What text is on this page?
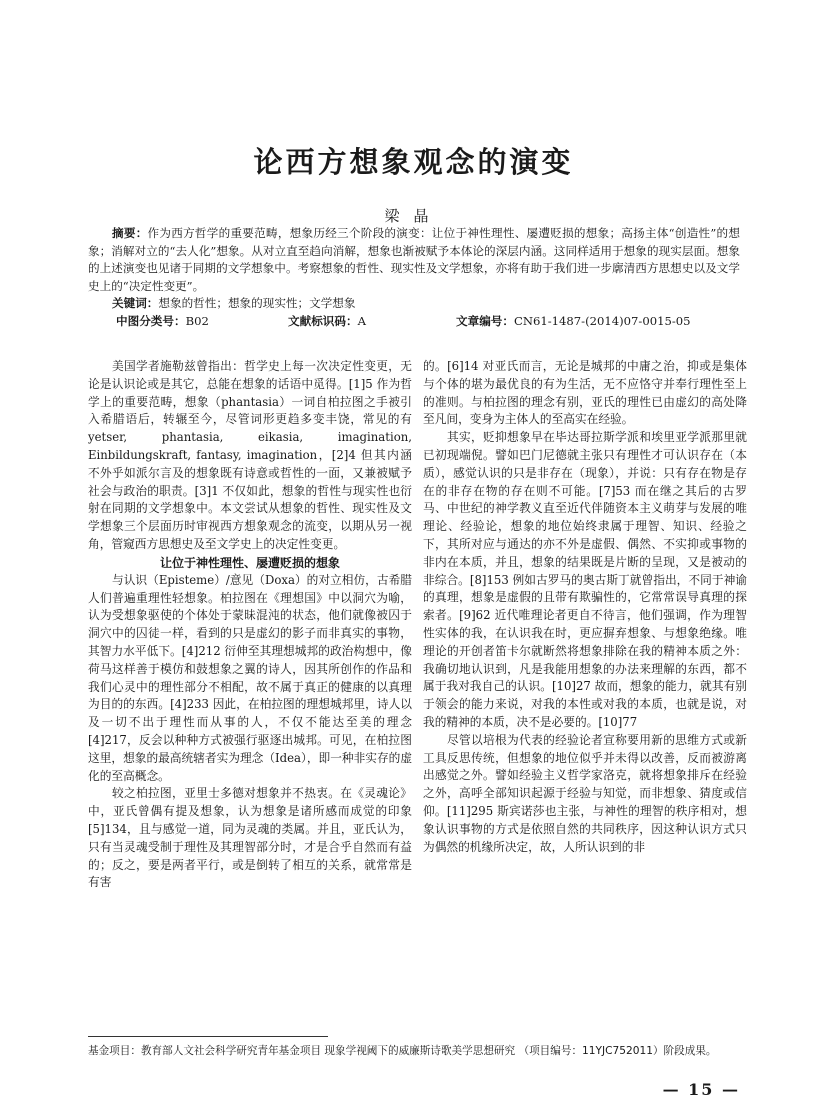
论西方想象观念的演变
梁晶

摘要：作为西方哲学的重要范畴，想象历经三个阶段的演变：让位于神性理性、屡遭贬损的想象；高扬主体“创造性”的想象；消解对立的“去人化”想象。从对立直至趋向消解，想象也渐被赋予本体论的深层内涵。这同样适用于想象的现实层面。想象的上述演变也见诸于同期的文学想象中。考察想象的哲性、现实性及文学想象，亦将有助于我们进一步廓清西方思想史以及文学史上的“决定性变更”。

关键词：想象的哲性；想象的现实性；文学想象

中图分类号：B02	文献标识码：A	文章编号：CN61-1487-(2014)07-0015-05

美国学者施勒兹曾指出：哲学史上每一次决定性变更，无论是认识论或是其它，总能在想象的话语中觅得。[1]5 作为哲学上的重要范畴，想象（phantasia）一词自柏拉图之手被引入希腊语后，转辗至今，尽管词形更趋多变丰饶，常见的有 yetser, phantasia, eikasia, imagination, Einbildungskraft, fantasy, imagination，[2]4 但其内涵不外乎如派尔言及的想象既有诗意或哲性的一面，又兼被赋予社会与政治的职责。[3]1 不仅如此，想象的哲性与现实性也衍射在同期的文学想象中。本文尝试从想象的哲性、现实性及文学想象三个层面历时审视西方想象观念的流变，以期从另一视角，管窥西方思想史及至文学史上的决定性变更。

让位于神性理性、屡遭贬损的想象

与认识（Episteme）/意见（Doxa）的对立相仿，古希腊人们普遍重理性轻想象。柏拉图在《理想国》中以洞穴为喻，认为受想象驱使的个体处于蒙昧混沌的状态，他们就像被囚于洞穴中的囚徒一样，看到的只是虚幻的影子而非真实的事物，其智力水平低下。[4]212 衍伸至其理想城邦的政治构想中，像荷马这样善于模仿和鼓想象之翼的诗人，因其所创作的作品和我们心灵中的理性部分不相配，故不属于真正的健康的以真理为目的的东西。[4]233 因此，在柏拉图的理想城邦里，诗人以及一切不出于理性而从事的人，不仅不能达至美的理念[4]217，反会以种种方式被强行驱逐出城邦。可见，在柏拉图这里，想象的最高统辖者实为理念（Idea），即一种非实存的虚化的至高概念。

较之柏拉图，亚里士多德对想象并不热衷。在《灵魂论》中，亚氏曾偶有提及想象，认为想象是诸所感而成觉的印象[5]134，且与感觉一道，同为灵魂的类属。并且，亚氏认为，只有当灵魂受制于理性及其理智部分时，才是合乎自然而有益的；反之，要是两者平行，或是倒转了相互的关系，就常常是有害

的。[6]14 对亚氏而言，无论是城邦的中庸之治，抑或是集体与个体的堪为最优良的有为生活，无不应恪守并奉行理性至上的准则。与柏拉图的理念有别，亚氏的理性已由虚幻的高处降至凡间，变身为主体人的至高实在经验。

其实，贬抑想象早在毕达哥拉斯学派和埃里亚学派那里就已初现端倪。譬如巴门尼德就主张只有理性才可认识存在（本质），感觉认识的只是非存在（现象），并说：只有存在物是存在的非存在物的存在则不可能。[7]53 而在继之其后的古罗马、中世纪的神学教义直至近代伴随资本主义萌芽与发展的唯理论、经验论，想象的地位始终隶属于理智、知识、经验之下，其所对应与通达的亦不外是虚假、偶然、不实抑或事物的非内在本质，并且，想象的结果既是片断的呈现，又是被动的非综合。[8]153 例如古罗马的奥古斯丁就曾指出，不同于神谕的真理，想象是虚假的且带有欺骗性的，它常常误导真理的探索者。[9]62 近代唯理论者更自不待言，他们强调，作为理智性实体的我，在认识我在时，更应摒弃想象、与想象绝缘。唯理论的开创者笛卡尔就断然将想象排除在我的精神本质之外：我确切地认识到，凡是我能用想象的办法来理解的东西，都不属于我对我自己的认识。[10]27 故而，想象的能力，就其有别于领会的能力来说，对我的本性或对我的本质，也就是说，对我的精神的本质，决不是必要的。[10]77

尽管以培根为代表的经验论者宣称要用新的思维方式或新工具反思传统，但想象的地位似乎并未得以改善，反而被游离出感觉之外。譬如经验主义哲学家洛克，就将想象排斥在经验之外，高呼全部知识起源于经验与知觉，而非想象、猜度或信仰。[11]295 斯宾诺莎也主张，与神性的理智的秩序相对，想象认识事物的方式是依照自然的共同秩序，因这种认识方式只为偶然的机缘所决定，故，人所认识到的非

基金项目：教育部人文社会科学研究青年基金项目 现象学视阈下的威廉斯诗歌美学思想研究 （项目编号：11YJC752011）阶段成果。
— 15 —
